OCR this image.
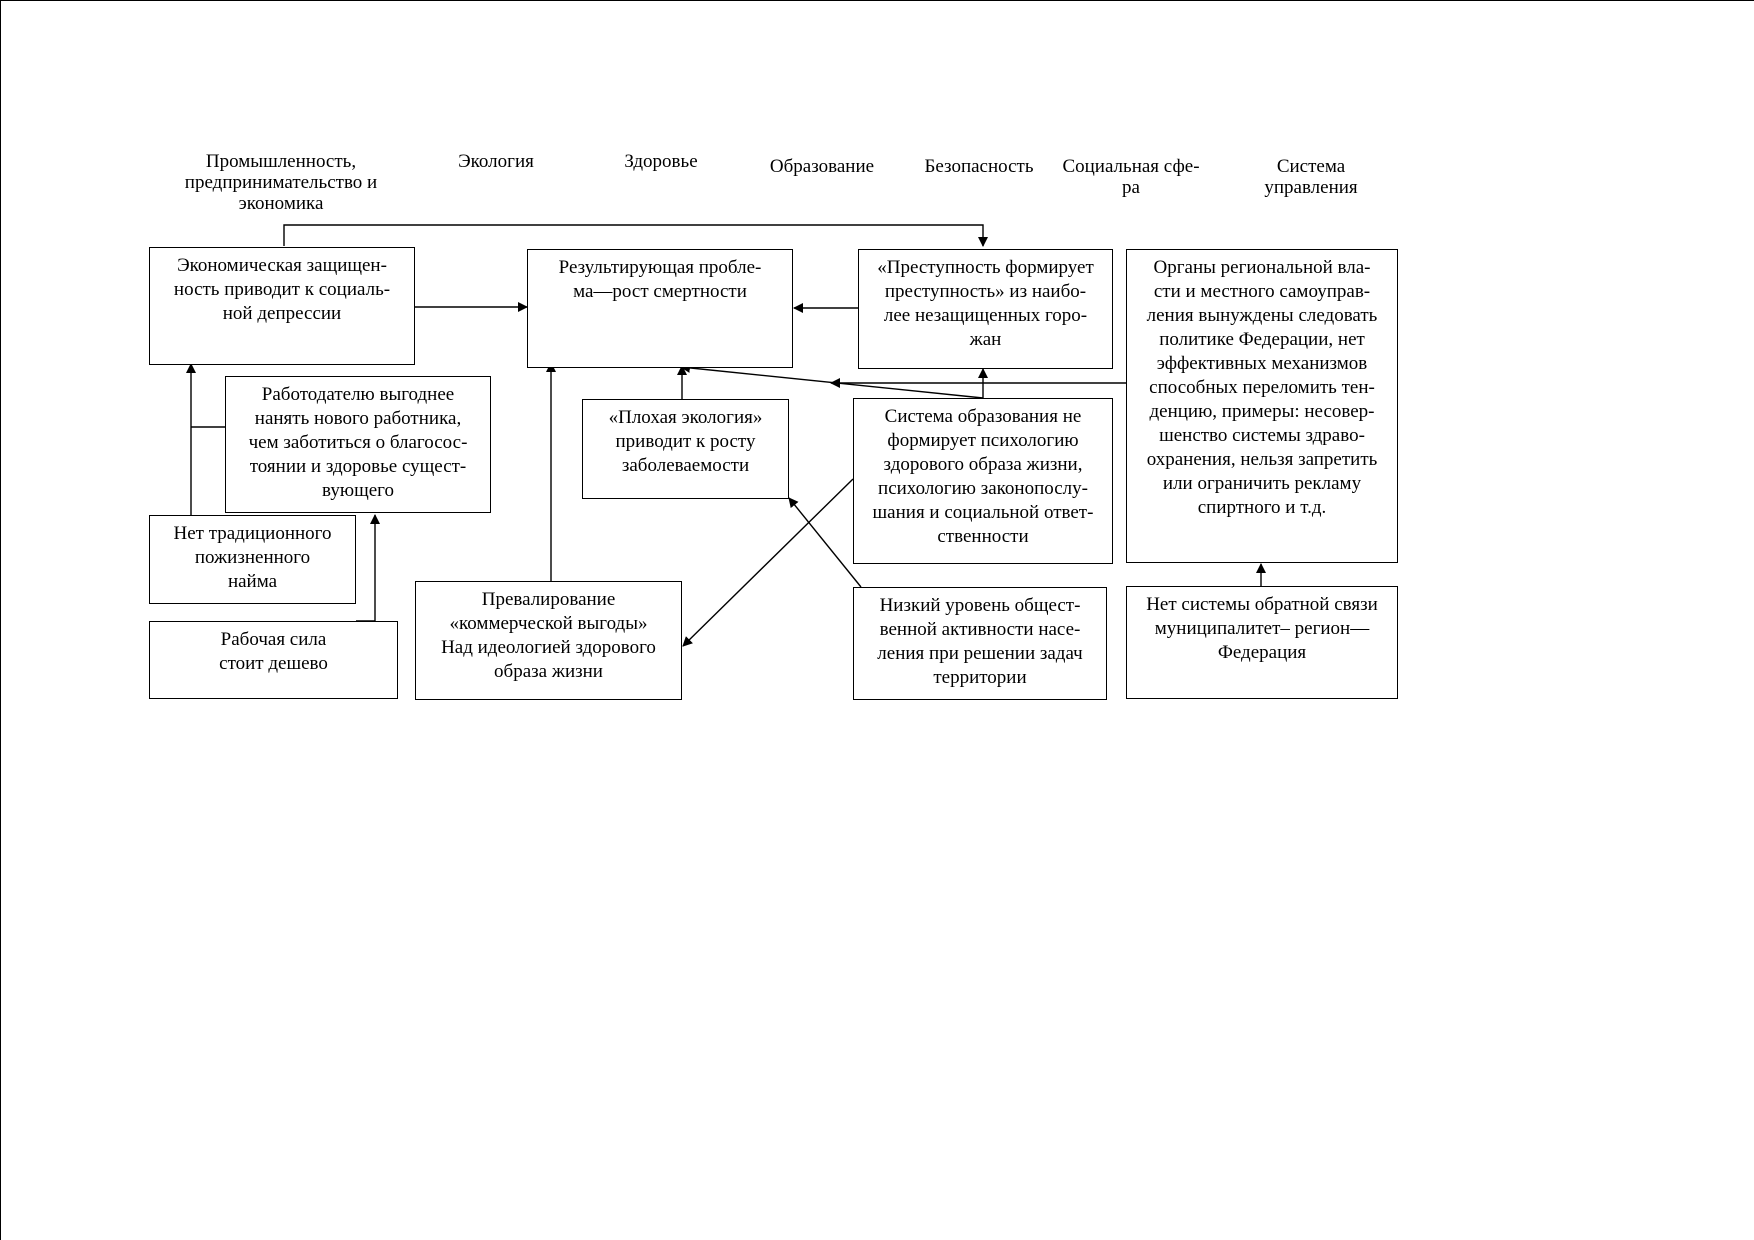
Промышленность,
предпринимательство и
экономика
Экология	Здоровье	Образование	Безопасность	Социальная сфе-
ра
Система
управления
Экономическая защищен-
ность приводит к социаль-
ной депрессии
Результирующая пробле-
ма—рост смертности
«Преступность формирует
преступность» из наибо-
лее незащищенных горо-
жан
Органы региональной вла-
сти и местного самоуправ-
ления вынуждены следовать
политике Федерации, нет
эффективных механизмов
способных переломить тен-
денцию, примеры: несовер-
шенство системы здраво-
охранения, нельзя запретить
или ограничить рекламу
спиртного и т.д.
Работодателю выгоднее
нанять нового работника,
чем заботиться о благосос-
тоянии и здоровье сущест-
вующего
«Плохая экология»
приводит к росту
заболеваемости
Система образования не
формирует психологию
здорового образа жизни,
психологию законопослу-
шания и социальной ответ-
ственности
Нет традиционного
пожизненного
найма
Рабочая сила
стоит дешево
Превалирование
«коммерческой выгоды»
Над идеологией здорового
образа жизни
Низкий уровень общест-
венной активности насе-
ления при решении задач
территории
Нет системы обратной связи
муниципалитет– регион—
Федерация
